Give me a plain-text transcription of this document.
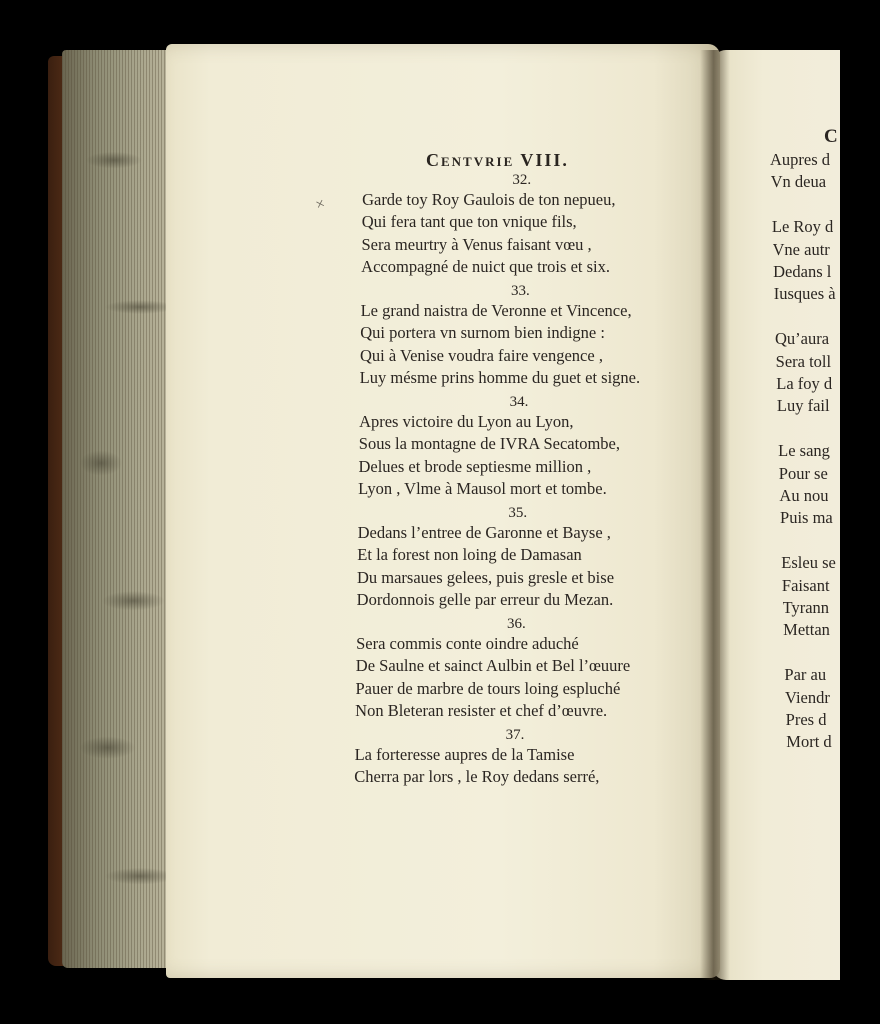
Centvrie VIII.
×
32.
Garde toy Roy Gaulois de ton nepueu,
Qui fera tant que ton vnique fils,
Sera meurtry à Venus faisant vœu ,
Accompagné de nuict que trois et six.
33.
Le grand naistra de Veronne et Vincence,
Qui portera vn surnom bien indigne :
Qui à Venise voudra faire vengence ,
Luy mésme prins homme du guet et signe.
34.
Apres victoire du Lyon au Lyon,
Sous la montagne de IVRA Secatombe,
Delues et brode septiesme million ,
Lyon , Vlme à Mausol mort et tombe.
35.
Dedans l’entree de Garonne et Bayse ,
Et la forest non loing de Damasan
Du marsaues gelees, puis gresle et bise
Dordonnois gelle par erreur du Mezan.
36.
Sera commis conte oindre aduché
De Saulne et sainct Aulbin et Bel l’œuure
Pauer de marbre de tours loing espluché
Non Bleteran resister et chef d’œuvre.
37.
La forteresse aupres de la Tamise
Cherra par lors , le Roy dedans serré,
C
Aupres d
Vn deua
Le Roy d
Vne autr
Dedans l
Iusques à
Qu’aura
Sera toll
La foy d
Luy fail
Le sang
Pour se
Au nou
Puis ma
Esleu se
Faisant
Tyrann
Mettan
Par au
Viendr
Pres d
Mort d
